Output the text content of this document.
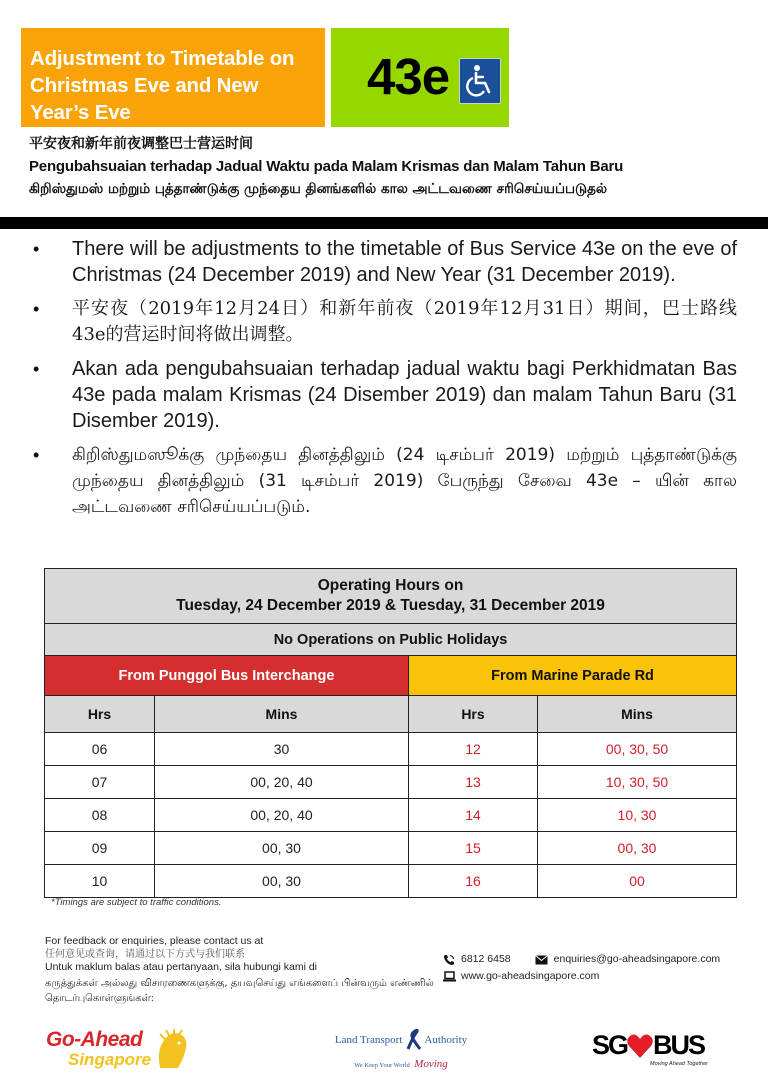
Adjustment to Timetable on
Christmas Eve and New Year’s Eve
43e
平安夜和新年前夜调整巴士营运时间
Pengubahsuaian terhadap Jadual Waktu pada Malam Krismas dan Malam Tahun Baru
கிறிஸ்துமஸ் மற்றும் புத்தாண்டுக்கு முந்தைய தினங்களில் கால அட்டவணை சரிசெய்யப்படுதல்
•	There will be adjustments to the timetable of Bus Service 43e on the eve of Christmas (24 December 2019) and New Year (31 December 2019).
•	平安夜（2019年12月24日）和新年前夜（2019年12月31日）期间，巴士路线43e的营运时间将做出调整。
•	Akan ada pengubahsuaian terhadap jadual waktu bagi Perkhidmatan Bas 43e pada malam Krismas (24 Disember 2019) dan malam Tahun Baru (31 Disember 2019).
•	கிறிஸ்துமஸூக்கு முந்தைய தினத்திலும் (24 டிசம்பர் 2019) மற்றும் புத்தாண்டுக்கு முந்தைய தினத்திலும் (31 டிசம்பர் 2019) பேருந்து சேவை 43e – யின் கால அட்டவணை சரிசெய்யப்படும்.
Operating Hours on
Tuesday, 24 December 2019 & Tuesday, 31 December 2019			

No Operations on Public Holidays			
From Punggol Bus Interchange		From Marine Parade Rd	
Hrs	Mins	Hrs	Mins
06	30	12	00, 30, 50
07	00, 20, 40	13	10, 30, 50
08	00, 20, 40	14	10, 30
09	00, 30	15	00, 30
10	00, 30	16	00
*Timings are subject to traffic conditions.
For feedback or enquiries, please contact us at
任何意见或查询，请通过以下方式与我们联系
Untuk maklum balas atau pertanyaan, sila hubungi kami di
கருத்துக்கள் அல்லது விசாரணைகளுக்கு, தயவுசெய்து எங்களைப் பின்வரும் எண்ணில் தொடர்புகொள்ளுங்கள்:
6812 6458	enquiries@go-aheadsingapore.com
www.go-aheadsingapore.com
Go-Ahead
Singapore
Land Transport Authority
We Keep Your World Moving
SG BUS
Moving Ahead Together
